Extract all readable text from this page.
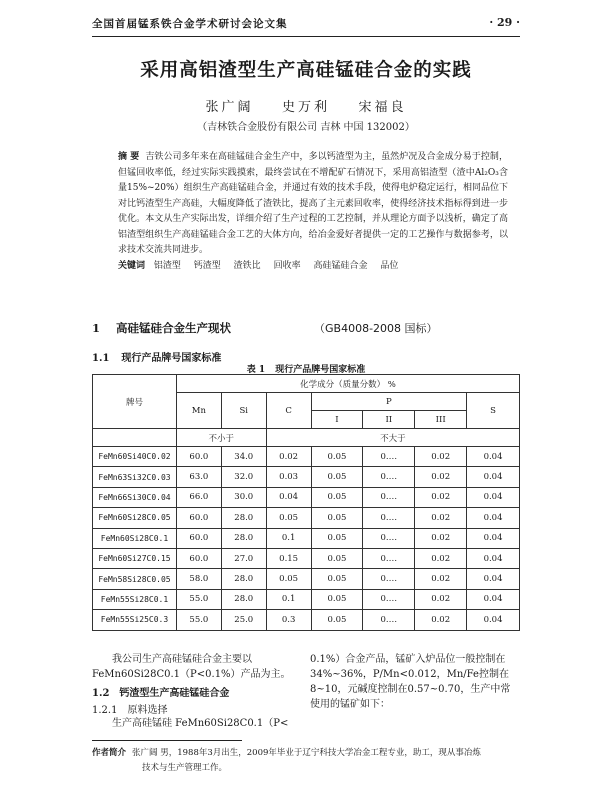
全国首届锰系铁合金学术研讨会论文集	· 29 ·
采用高铝渣型生产高硅锰硅合金的实践
张广阔 史万利 宋福良
（吉林铁合金股份有限公司 吉林 中国 132002）
摘 要 吉铁公司多年来在高硅锰硅合金生产中，多以钙渣型为主，虽然炉况及合金成分易于控制，但锰回收率低，经过实际实践摸索，最终尝试在不增配矿石情况下，采用高铝渣型（渣中Al₂O₃含量15%~20%）组织生产高硅锰硅合金，并通过有效的技术手段，使得电炉稳定运行，相同品位下对比钙渣型生产高硅，大幅度降低了渣铁比，提高了主元素回收率，使得经济技术指标得到进一步优化。本文从生产实际出发，详细介绍了生产过程的工艺控制，并从理论方面予以浅析，确定了高铝渣型组织生产高硅锰硅合金工艺的大体方向，给冶金爱好者提供一定的工艺操作与数据参考，以求技术交流共同进步。
关键词 铝渣型 钙渣型 渣铁比 回收率 高硅锰硅合金 品位
1 高硅锰硅合金生产现状	（GB4008-2008 国标）
1.1 现行产品牌号国家标准
表 1 现行产品牌号国家标准
牌号	化学成分（质量分数） %						
	Mn	Si	C	P			S
				I	II	III	
	不小于		不大于				
FeMn60Si40C0.02	60.0	34.0	0.02	0.05	0.…	0.02	0.04
FeMn63Si32C0.03	63.0	32.0	0.03	0.05	0.…	0.02	0.04
FeMn66Si30C0.04	66.0	30.0	0.04	0.05	0.…	0.02	0.04
FeMn60Si28C0.05	60.0	28.0	0.05	0.05	0.…	0.02	0.04
FeMn60Si28C0.1	60.0	28.0	0.1	0.05	0.…	0.02	0.04
FeMn60Si27C0.15	60.0	27.0	0.15	0.05	0.…	0.02	0.04
FeMn58Si28C0.05	58.0	28.0	0.05	0.05	0.…	0.02	0.04
FeMn55Si28C0.1	55.0	28.0	0.1	0.05	0.…	0.02	0.04
FeMn55Si25C0.3	55.0	25.0	0.3	0.05	0.…	0.02	0.04
我公司生产高硅锰硅合金主要以FeMn60Si28C0.1（P<0.1%）产品为主。
1.2 钙渣型生产高硅锰硅合金
1.2.1 原料选择
生产高硅锰硅 FeMn60Si28C0.1（P<
0.1%）合金产品，锰矿入炉品位一般控制在34%~36%，P/Mn<0.012，Mn/Fe控制在8~10，元碱度控制在0.57~0.70，生产中常使用的锰矿如下：
作者简介 张广阔 男，1988年3月出生，2009年毕业于辽宁科技大学冶金工程专业，助工，现从事冶炼
技术与生产管理工作。
